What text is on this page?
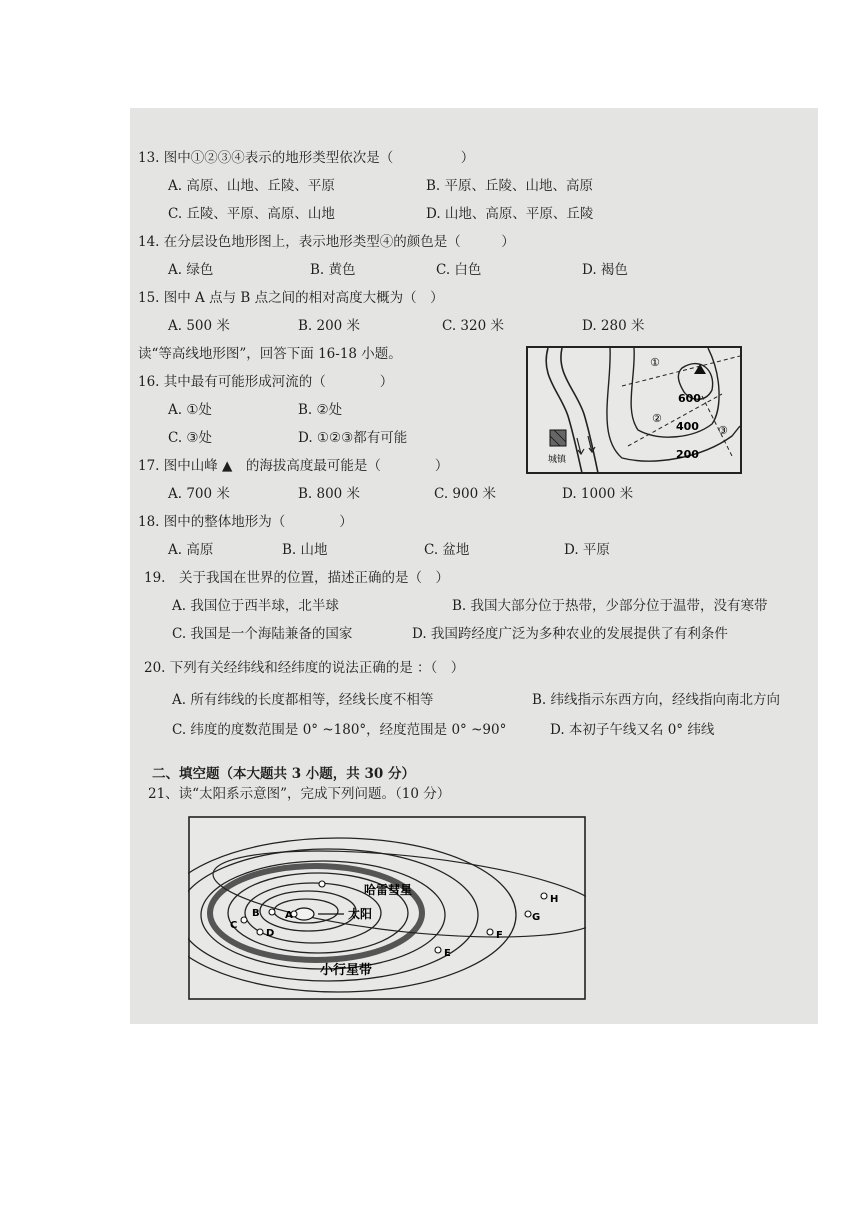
13. 图中①②③④表示的地形类型依次是（　　　　　）
A. 高原、山地、丘陵、平原	B. 平原、丘陵、山地、高原
C. 丘陵、平原、高原、山地	D. 山地、高原、平原、丘陵
14. 在分层设色地形图上，表示地形类型④的颜色是（　　　）
A. 绿色	B. 黄色	C. 白色	D. 褐色
15. 图中 A 点与 B 点之间的相对高度大概为（　）
A. 500 米	B. 200 米	C. 320 米	D. 280 米
读“等高线地形图”，回答下面 16-18 小题。
16. 其中最有可能形成河流的（　　　　）
A. ①处	B. ②处
C. ③处	D. ①②③都有可能
17. 图中山峰 ▲　的海拔高度最可能是（　　　　）
A. 700 米	B. 800 米	C. 900 米	D. 1000 米
18. 图中的整体地形为（　　　　）
A. 高原	B. 山地	C. 盆地	D. 平原
19.　关于我国在世界的位置，描述正确的是（　）
A. 我国位于西半球，北半球	B. 我国大部分位于热带，少部分位于温带，没有寒带
C. 我国是一个海陆兼备的国家	D. 我国跨经度广泛为多种农业的发展提供了有利条件
20. 下列有关经纬线和经纬度的说法正确的是 ：（　）
A. 所有纬线的长度都相等，经线长度不相等	B. 纬线指示东西方向，经线指向南北方向
C. 纬度的度数范围是 0° ~180°，经度范围是 0° ~90°	D. 本初子午线又名 0° 纬线
二、填空题（本大题共 3 小题，共 30 分）
21、读“太阳系示意图”，完成下列问题。（10 分）
①
②
③
600
400
200
城镇
太阳
哈雷彗星
小行星带
A
B
C
D
E
F
G
H
